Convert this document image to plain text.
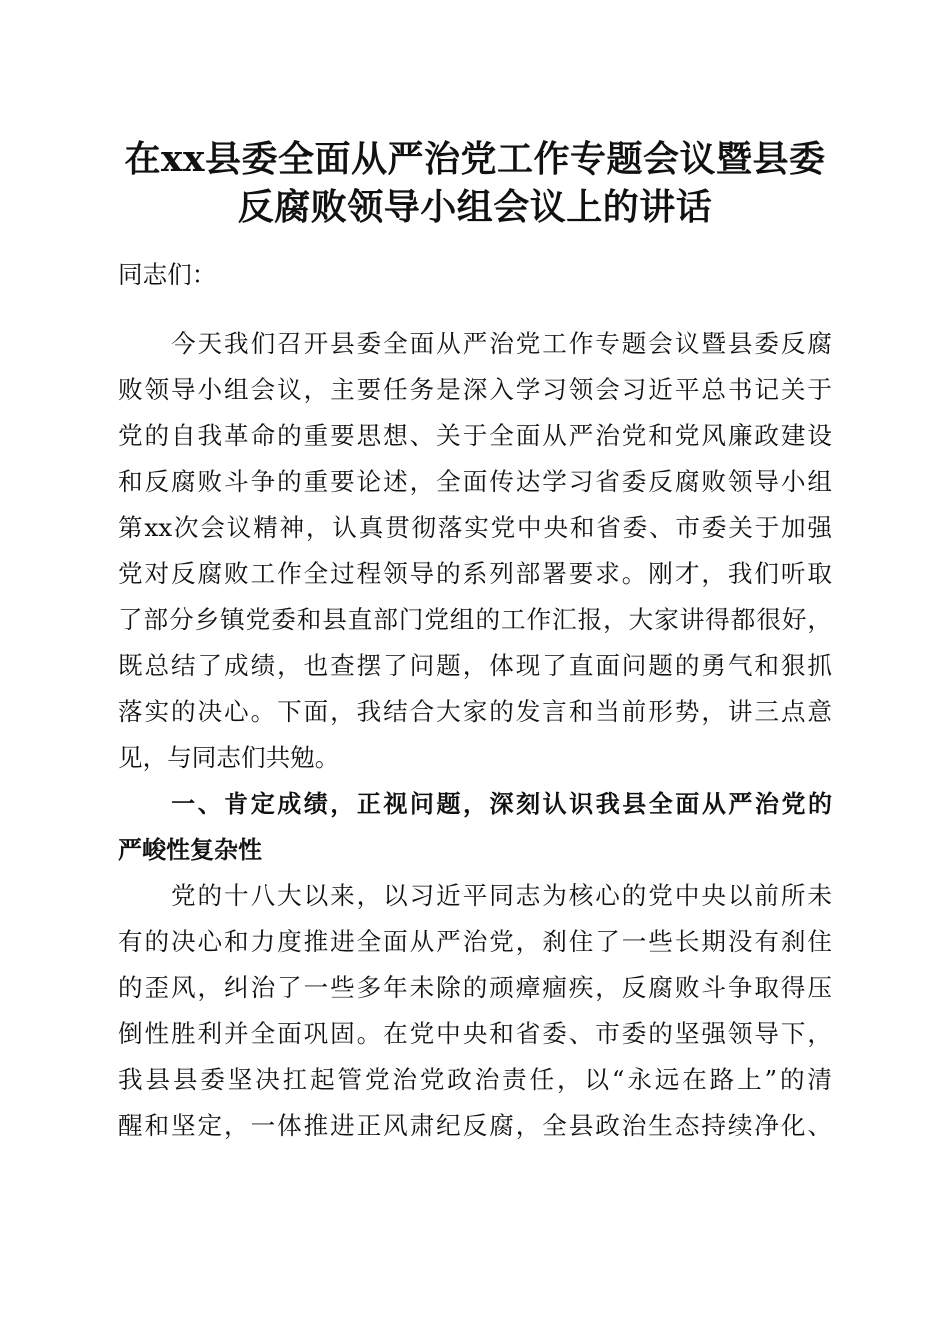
在xx县委全面从严治党工作专题会议暨县委
反腐败领导小组会议上的讲话
同志们：
　　今天我们召开县委全面从严治党工作专题会议暨县委反腐
败领导小组会议，主要任务是深入学习领会习近平总书记关于
党的自我革命的重要思想、关于全面从严治党和党风廉政建设
和反腐败斗争的重要论述，全面传达学习省委反腐败领导小组
第xx次会议精神，认真贯彻落实党中央和省委、市委关于加强
党对反腐败工作全过程领导的系列部署要求。刚才，我们听取
了部分乡镇党委和县直部门党组的工作汇报，大家讲得都很好，
既总结了成绩，也查摆了问题，体现了直面问题的勇气和狠抓
落实的决心。下面，我结合大家的发言和当前形势，讲三点意
见，与同志们共勉。
　　一、肯定成绩，正视问题，深刻认识我县全面从严治党的
严峻性复杂性
　　党的十八大以来，以习近平同志为核心的党中央以前所未
有的决心和力度推进全面从严治党，刹住了一些长期没有刹住
的歪风，纠治了一些多年未除的顽瘴痼疾，反腐败斗争取得压
倒性胜利并全面巩固。在党中央和省委、市委的坚强领导下，
我县县委坚决扛起管党治党政治责任，以“永远在路上”的清
醒和坚定，一体推进正风肃纪反腐，全县政治生态持续净化、
